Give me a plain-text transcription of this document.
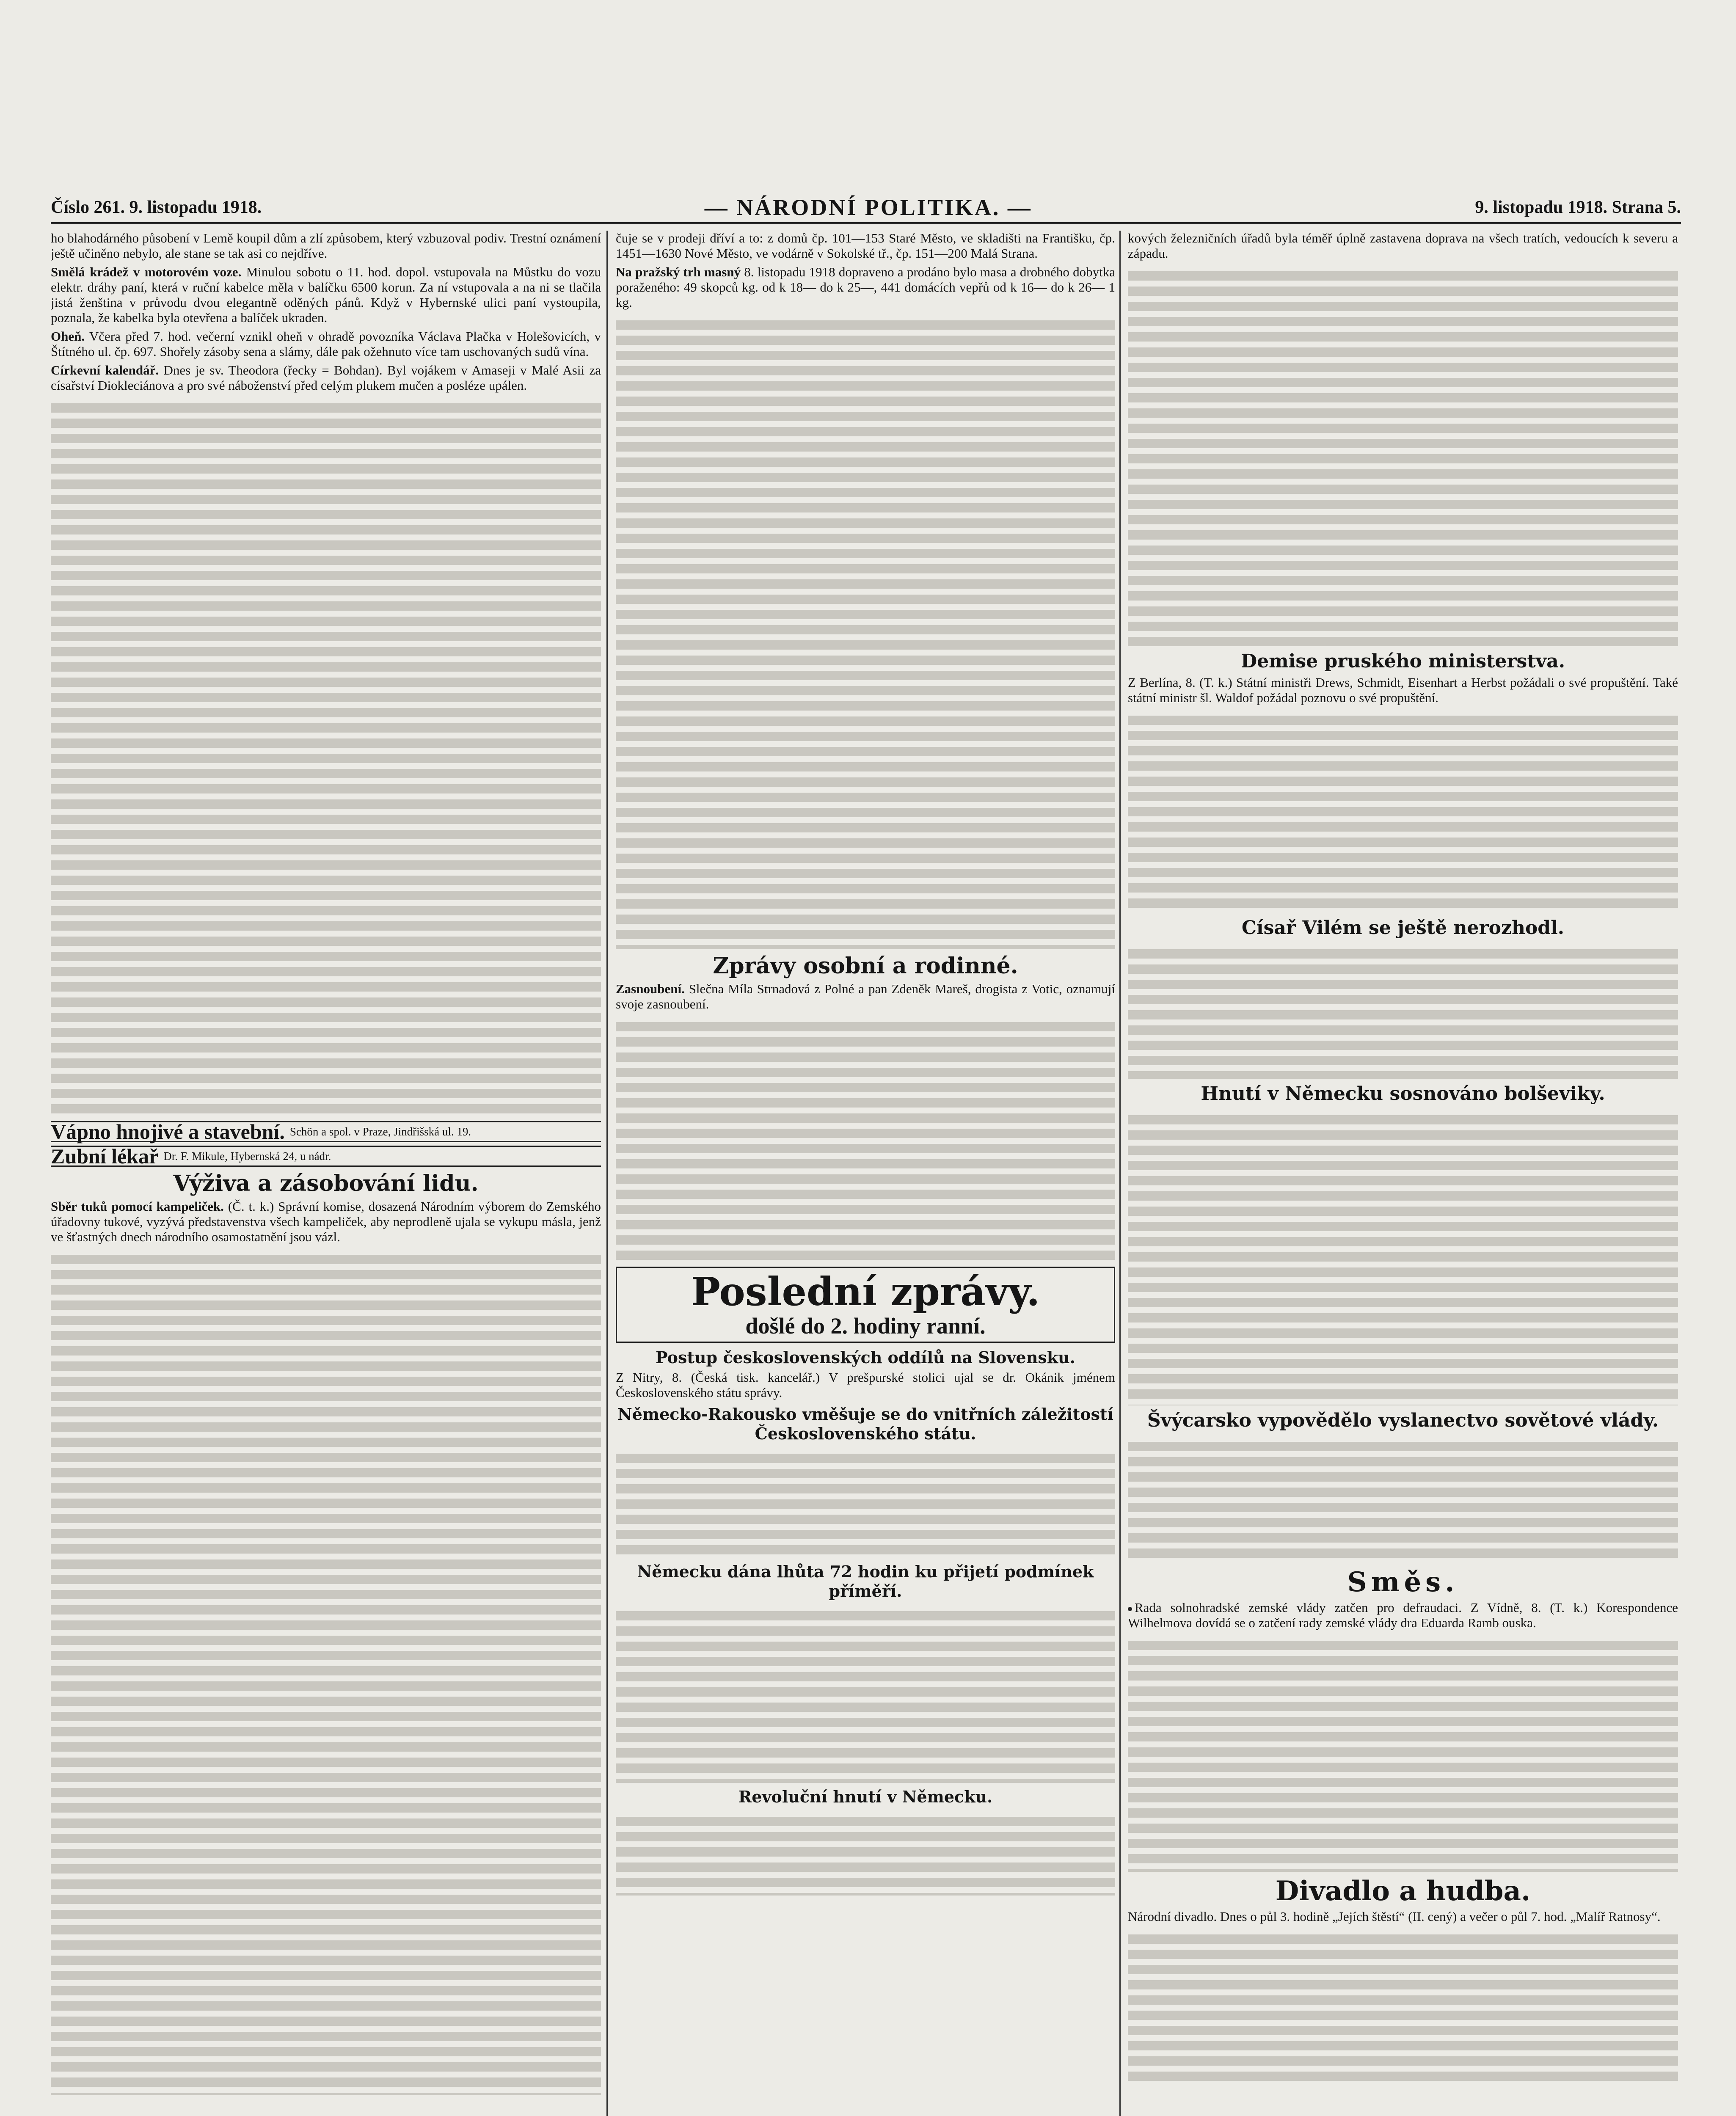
Číslo 261. 9. listopadu 1918.	— NÁRODNÍ POLITIKA. —	9. listopadu 1918. Strana 5.
ho blahodárného působení v Lemě koupil dům a zlí způsobem, který vzbuzoval podiv. Trestní oznámení ještě učiněno nebylo, ale stane se tak asi co nejdříve.
Smělá krádež v motorovém voze. Minulou sobotu o 11. hod. dopol. vstupovala na Můstku do vozu elektr. dráhy paní, která v ruční kabelce měla v balíčku 6500 korun. Za ní vstupovala a na ni se tlačila jistá ženština v průvodu dvou elegantně oděných pánů. Když v Hybernské ulici paní vystoupila, poznala, že kabelka byla otevřena a balíček ukraden.
Oheň. Včera před 7. hod. večerní vznikl oheň v ohradě povozníka Václava Plačka v Holešovicích, v Štítného ul. čp. 697. Shořely zásoby sena a slámy, dále pak ožehnuto více tam uschovaných sudů vína.
Církevní kalendář. Dnes je sv. Theodora (řecky = Bohdan). Byl vojákem v Amaseji v Malé Asii za císařství Diokleciánova a pro své náboženství před celým plukem mučen a posléze upálen.
Vápno hnojivé a stavební. Schön a spol. v Praze, Jindřišská ul. 19.
Zubní lékař Dr. F. Mikule, Hybernská 24, u nádr.
Výživa a zásobování lidu.
Sběr tuků pomocí kampeliček. (Č. t. k.) Správní komise, dosazená Národním výborem do Zemského úřadovny tukové, vyzývá představenstva všech kampeliček, aby neprodleně ujala se vykupu másla, jenž ve šťastných dnech národního osamostatnění jsou vázl.
čuje se v prodeji dříví a to: z domů čp. 101—153 Staré Město, ve skladišti na Františku, čp. 1451—1630 Nové Město, ve vodárně v Sokolské tř., čp. 151—200 Malá Strana.
Na pražský trh masný 8. listopadu 1918 dopraveno a prodáno bylo masa a drobného dobytka poraženého: 49 skopců kg. od k 18— do k 25—, 441 domácích vepřů od k 16— do k 26— 1 kg.
Zprávy osobní a rodinné.
Zasnoubení. Slečna Míla Strnadová z Polné a pan Zdeněk Mareš, drogista z Votic, oznamují svoje zasnoubení.
Poslední zprávy.
došlé do 2. hodiny ranní.
Postup československých oddílů na Slovensku.
Z Nitry, 8. (Česká tisk. kancelář.) V prešpurské stolici ujal se dr. Okánik jménem Československého státu správy.
Německo-Rakousko vměšuje se do vnitřních záležitostí Československého státu.
Německu dána lhůta 72 hodin ku přijetí podmínek příměří.
Revoluční hnutí v Německu.
kových železničních úřadů byla téměř úplně zastavena doprava na všech tratích, vedoucích k severu a západu.
Demise pruského ministerstva.
Z Berlína, 8. (T. k.) Státní ministři Drews, Schmidt, Eisenhart a Herbst požádali o své propuštění. Také státní ministr šl. Waldof požádal poznovu o své propuštění.
Císař Vilém se ještě nerozhodl.
Hnutí v Německu sosnováno bolševiky.
Švýcarsko vypovědělo vyslanectvo sovětové vlády.
Směs.
Rada solnohradské zemské vlády zatčen pro defraudaci. Z Vídně, 8. (T. k.) Korespondence Wilhelmova dovídá se o zatčení rady zemské vlády dra Eduarda Ramb ouska.
Divadlo a hudba.
Národní divadlo. Dnes o půl 3. hodině „Jejích štěstí“ (II. cený) a večer o půl 7. hod. „Malíř Ratnosy“.
